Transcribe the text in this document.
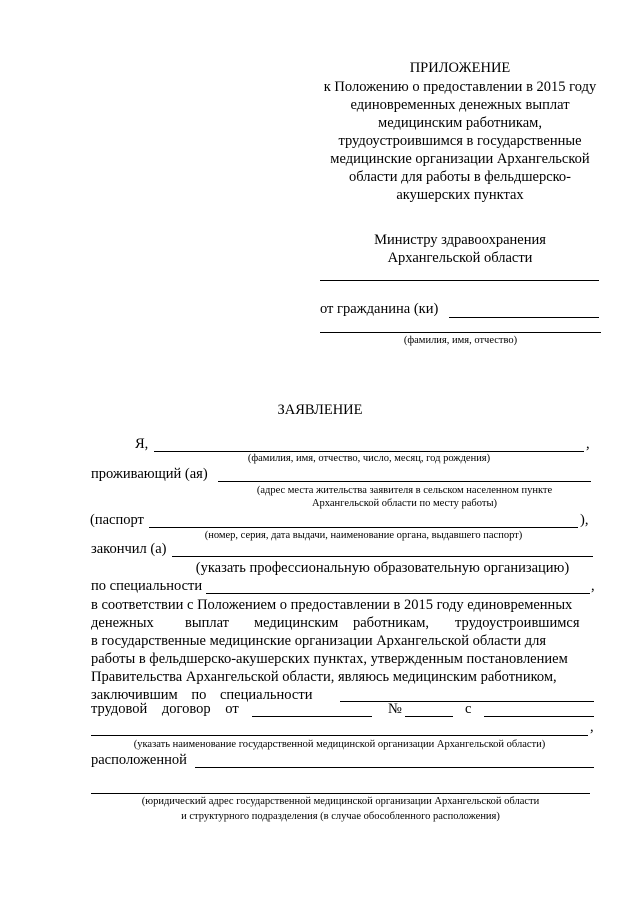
ПРИЛОЖЕНИЕ
к Положению о предоставлении в 2015 году
единовременных денежных выплат
медицинским работникам,
трудоустроившимся в государственные
медицинские организации Архангельской
области для работы в фельдшерско-
акушерских пунктах
Министру здравоохранения
Архангельской области
от гражданина (ки)
(фамилия, имя, отчество)
ЗАЯВЛЕНИЕ
Я,	,
(фамилия, имя, отчество, число, месяц, год рождения)
проживающий (ая)
(адрес места жительства заявителя в сельском населенном пункте
Архангельской области по месту работы)
(паспорт	),
(номер, серия, дата выдачи, наименование органа, выдавшего паспорт)
закончил (а)
(указать профессиональную образовательную организацию)
по специальности	,
в соответствии с Положением о предоставлении в 2015 году единовременных
денежных выплат медицинским работникам, трудоустроившимся
в государственные медицинские организации Архангельской области для
работы в фельдшерско-акушерских пунктах, утвержденным постановлением
Правительства Архангельской области, являюсь медицинским работником,
заключившим по специальности
трудовой договор от	№	с
,
(указать наименование государственной медицинской организации Архангельской области)
расположенной
(юридический адрес государственной медицинской организации Архангельской области
и структурного подразделения (в случае обособленного расположения)
